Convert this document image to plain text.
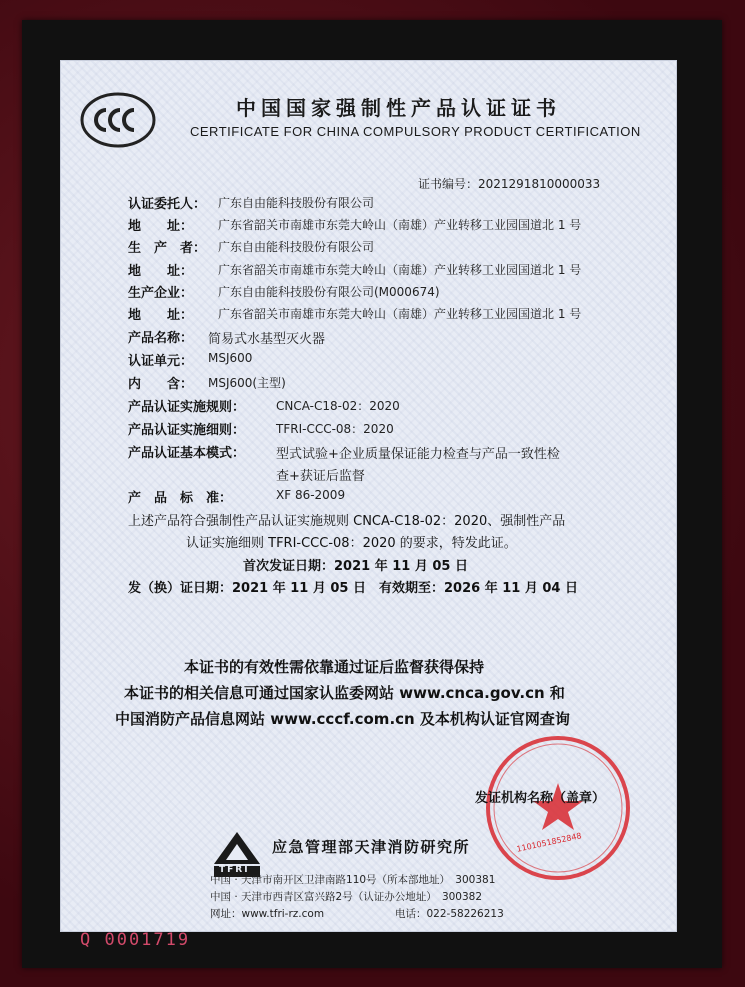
中国国家强制性产品认证证书
CERTIFICATE FOR CHINA COMPULSORY PRODUCT CERTIFICATION
证书编号：2021291810000033
认证委托人： 广东自由能科技股份有限公司
地　　址： 广东省韶关市南雄市东莞大岭山（南雄）产业转移工业园国道北 1 号
生　产　者： 广东自由能科技股份有限公司
地　　址： 广东省韶关市南雄市东莞大岭山（南雄）产业转移工业园国道北 1 号
生产企业： 广东自由能科技股份有限公司(M000674)
地　　址： 广东省韶关市南雄市东莞大岭山（南雄）产业转移工业园国道北 1 号
产品名称： 简易式水基型灭火器
认证单元： MSJ600
内　　含： MSJ600(主型)
产品认证实施规则：	CNCA-C18-02：2020
产品认证实施细则：	TFRI-CCC-08：2020
产品认证基本模式： 型式试验+企业质量保证能力检查与产品一致性检
查+获证后监督
产　品　标　准：	XF 86-2009
上述产品符合强制性产品认证实施规则 CNCA-C18-02：2020、强制性产品
认证实施细则 TFRI-CCC-08：2020 的要求，特发此证。
首次发证日期：2021 年 11 月 05 日
发（换）证日期：2021 年 11 月 05 日　有效期至：2026 年 11 月 04 日
本证书的有效性需依靠通过证后监督获得保持
本证书的相关信息可通过国家认监委网站 www.cnca.gov.cn 和
中国消防产品信息网站 www.cccf.com.cn 及本机构认证官网查询
1101051852848
发证机构名称（盖章）
TFRI
应急管理部天津消防研究所
中国 · 天津市南开区卫津南路110号（所本部地址）　300381
中国 · 天津市西青区富兴路2号（认证办公地址）　300382
网址：www.tfri-rz.com	电话：022-58226213
Q 0001719
